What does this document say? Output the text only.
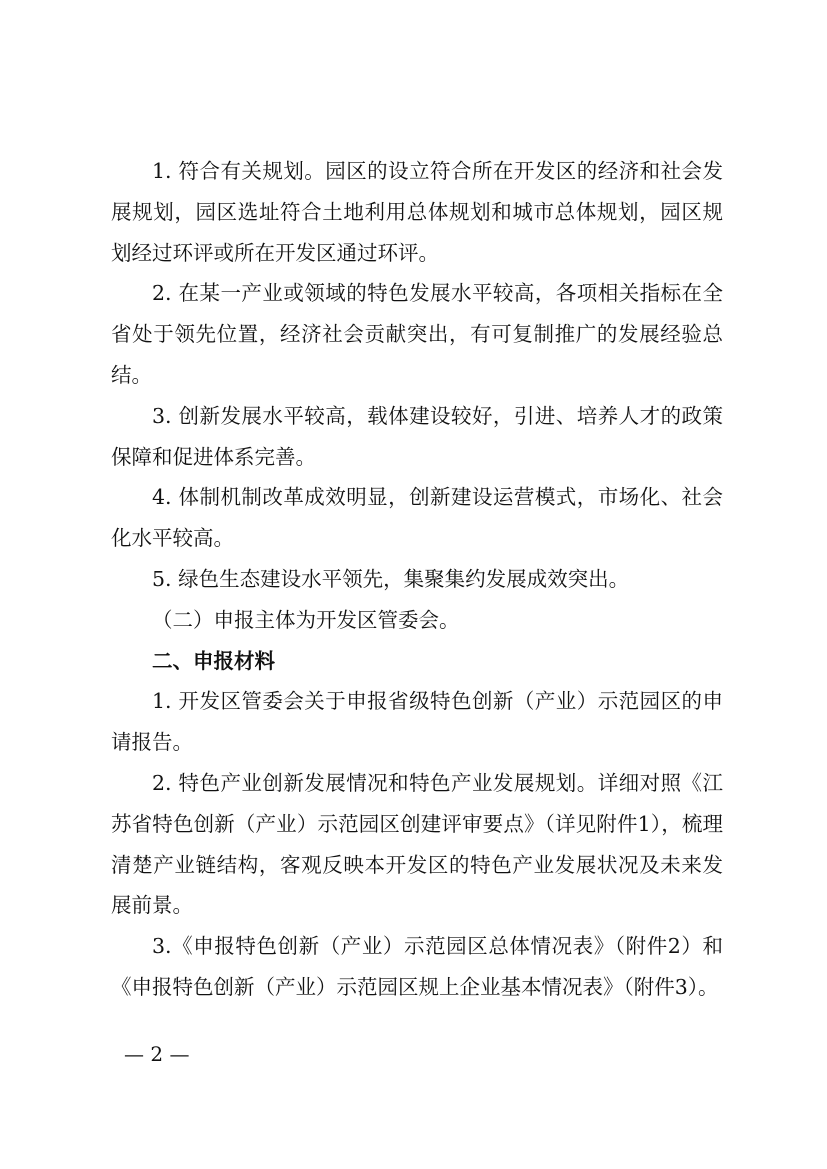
1. 符合有关规划。园区的设立符合所在开发区的经济和社会发展规划，园区选址符合土地利用总体规划和城市总体规划，园区规划经过环评或所在开发区通过环评。

2. 在某一产业或领域的特色发展水平较高，各项相关指标在全省处于领先位置，经济社会贡献突出，有可复制推广的发展经验总结。

3. 创新发展水平较高，载体建设较好，引进、培养人才的政策保障和促进体系完善。

4. 体制机制改革成效明显，创新建设运营模式，市场化、社会化水平较高。

5. 绿色生态建设水平领先，集聚集约发展成效突出。

（二）申报主体为开发区管委会。

二、申报材料

1. 开发区管委会关于申报省级特色创新（产业）示范园区的申请报告。

2. 特色产业创新发展情况和特色产业发展规划。详细对照《江苏省特色创新（产业）示范园区创建评审要点》（详见附件1），梳理清楚产业链结构，客观反映本开发区的特色产业发展状况及未来发展前景。

3.《申报特色创新（产业）示范园区总体情况表》（附件2）和《申报特色创新（产业）示范园区规上企业基本情况表》（附件3）。

— 2 —
